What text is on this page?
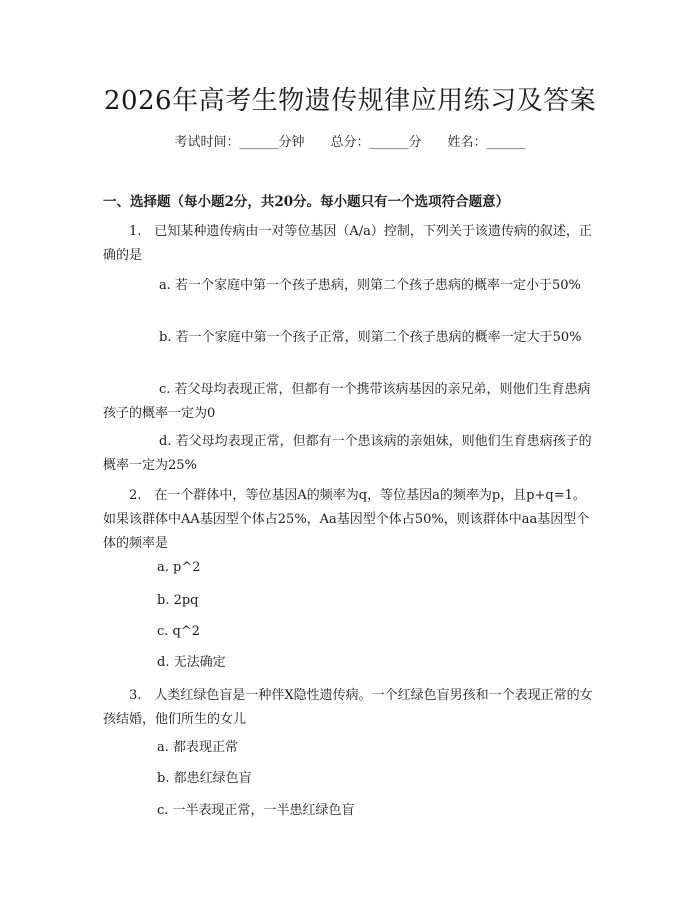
2026年高考生物遗传规律应用练习及答案
考试时间：______分钟 总分：______分 姓名：______
一、选择题（每小题2分，共20分。每小题只有一个选项符合题意）
1.　已知某种遗传病由一对等位基因（A/a）控制，下列关于该遗传病的叙述，正确的是
a. 若一个家庭中第一个孩子患病，则第二个孩子患病的概率一定小于50%
b. 若一个家庭中第一个孩子正常，则第二个孩子患病的概率一定大于50%
c. 若父母均表现正常，但都有一个携带该病基因的亲兄弟，则他们生育患病孩子的概率一定为0
d. 若父母均表现正常，但都有一个患该病的亲姐妹，则他们生育患病孩子的概率一定为25%
2.　在一个群体中，等位基因A的频率为q，等位基因a的频率为p，且p+q=1。如果该群体中AA基因型个体占25%，Aa基因型个体占50%，则该群体中aa基因型个体的频率是
a. p^2
b. 2pq
c. q^2
d. 无法确定
3.　人类红绿色盲是一种伴X隐性遗传病。一个红绿色盲男孩和一个表现正常的女孩结婚，他们所生的女儿
a. 都表现正常
b. 都患红绿色盲
c. 一半表现正常，一半患红绿色盲
